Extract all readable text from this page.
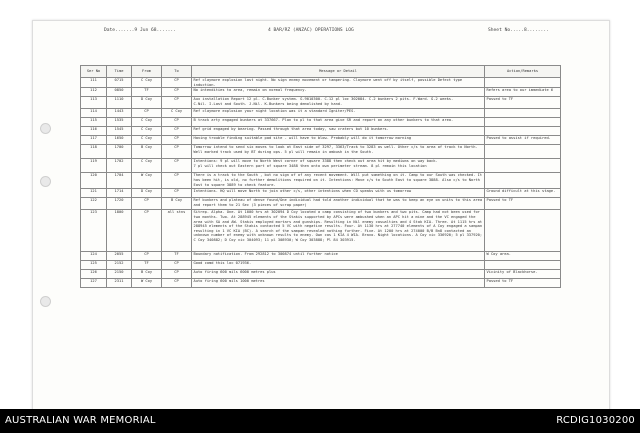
Date.......9 Jun 68.......	4 BAR/RZ (ANZAC) OPERATIONS LOG	Sheet No.....8........
Ser No	Time	From	To	Message or Detail	Action/Remarks
111	0715	C Coy	CP	Ref claymore explosion last night. No sign enemy movement or tampering. Claymore went off by itself, possible Defect type induction.	
112	0850	TF	CP	No intendities to area, remain on normal frequency.	Refers area to our immediate 6
113	1110	D Coy	CP	Aux installation Report 12 pl. C.Bunker system. G.9010300. C.12 pl loc 302084. C.2 bunkers 2 pits. F.Ward. G.2 weeks.
C.Nil. I.Last and South. J.Nil. K.Bunkers being demolished by hand.	Passed to TF
114	1443	CP	C Coy	Ref claymore explosion your night location was it a standard Igniter/PES.	
115	1535	C Coy	CP	B track arty engaged bunkers at 337667. Plan to pl to that area give SR and report on any other bunkers to that area.	
116	1545	C Coy	CP	Ref grid engaged by bearing. Passed through that area today, saw craters but 10 bunkers.	
117	1650	C Coy	CP	Having trouble finding suitable pad site - will have to blow. Probably will do it tomorrow morning	Passed to assist if required.
118	1700	B Coy	CP	Tomorrow intend to send six moves to look at East side of 3297, 3363/Track to 3283 as well. Other c/s to area of track to North. Well marked track used by BT during ops. 5 pl will remain in ambush in the South.	
119	1702	C Coy	CP	Intentions: 9 pl will move to North West corner of square 3388 then check out area hit by mediums on way back.
7 pl will check out Eastern part of square 3488 then onto own perimeter stream. 8 pl remain this location	
120	1704	W Coy	CP	There is a track to the South , but no sign of of any recent movement. Will put something on it. Camp to our South was checked. It has been hit, is old, no further demolitions required on it. Intentions: Move c/s to South East to square 3888. Also c/s to North East to square 3889 to check feature.	
121	1714	D Coy	CP	Intentions. HQ will move North to join other c/s, other intentions when CO speaks with us tomorrow	Ground difficult at this stage.
122	1720	CP	B Coy	Ref bunkers and plateau of dense found/One individual had told another individual that he was to keep an eye on units to this area and report them to 21 Sec (3 pieces of scrap paper)	Passed to TF
123	1800	CP	all stns	Sitrep. Alpha. One. At 1000 hrs at 302094 D Coy located a camp consisting of two bunkers and two pits. Camp had not been used for two months. Two. At 288945 elements of the Stakis supported by APCs were ambushed when an APC hit a mine and the VC engaged the area with SA and AW. Stakis employed mortars and gunships. Resulting in Nil enemy casualties and 4 Stak KIA. Three. At 1115 hrs at 288945 elements of the Stakis contacted 5 VC with negative results. Four. At 1130 hrs at 277740 elements of A Coy engaged a sampan resulting in 1 VC KIA (BC). A search of the sampan revealed nothing further. Five. At 1200 hrs at 274000 B/B Bn8 contacted an unknown number of enemy with unknown results to enemy. Own cas 1 KIA 4 WIA. Bravo. Night locations. A Coy vic 336920; 5 pl 337920; C Coy 340882; D Coy vic 304093; 11 pl 308930; W Coy 303888; Pl 84 303915.	
124	2055	CP	TF	Boundary notification. From 292812 to 300874 until further notice	W Coy area.
125	2152	TF	CP	Good comd this loc 071936.	
126	2150	B Coy	CP	Auto firing 600 mils 6000 metres plus	Vicinity of Blackhorse.
127	2311	W Coy	CP	Auto firing 600 mils 1000 metres	Passed to TF
AUSTRALIAN WAR MEMORIAL	RCDIG1030200
